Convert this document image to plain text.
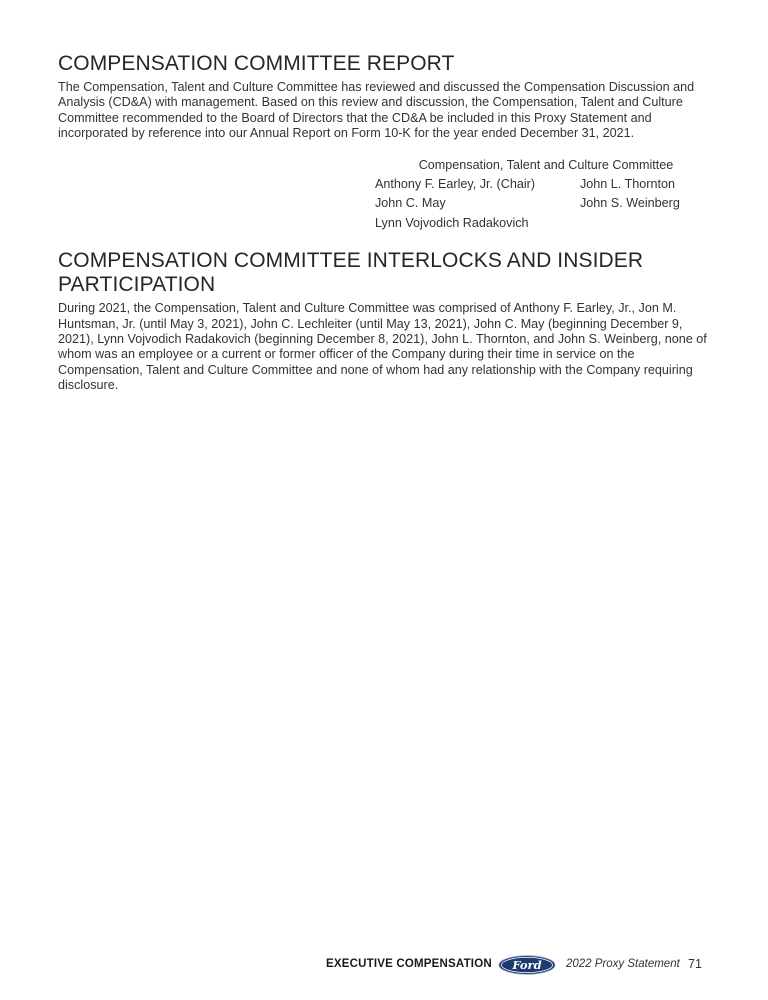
COMPENSATION COMMITTEE REPORT

The Compensation, Talent and Culture Committee has reviewed and discussed the Compensation Discussion and Analysis (CD&A) with management. Based on this review and discussion, the Compensation, Talent and Culture Committee recommended to the Board of Directors that the CD&A be included in this Proxy Statement and incorporated by reference into our Annual Report on Form 10-K for the year ended December 31, 2021.

Compensation, Talent and Culture Committee
Anthony F. Earley, Jr. (Chair)	John L. Thornton
John C. May	John S. Weinberg
Lynn Vojvodich Radakovich
COMPENSATION COMMITTEE INTERLOCKS AND INSIDER
PARTICIPATION

During 2021, the Compensation, Talent and Culture Committee was comprised of Anthony F. Earley, Jr., Jon M. Huntsman, Jr. (until May 3, 2021), John C. Lechleiter (until May 13, 2021), John C. May (beginning December 9, 2021), Lynn Vojvodich Radakovich (beginning December 8, 2021), John L. Thornton, and John S. Weinberg, none of whom was an employee or a current or former officer of the Company during their time in service on the Compensation, Talent and Culture Committee and none of whom had any relationship with the Company requiring disclosure.

EXECUTIVE COMPENSATION Ford 2022 Proxy Statement 71
